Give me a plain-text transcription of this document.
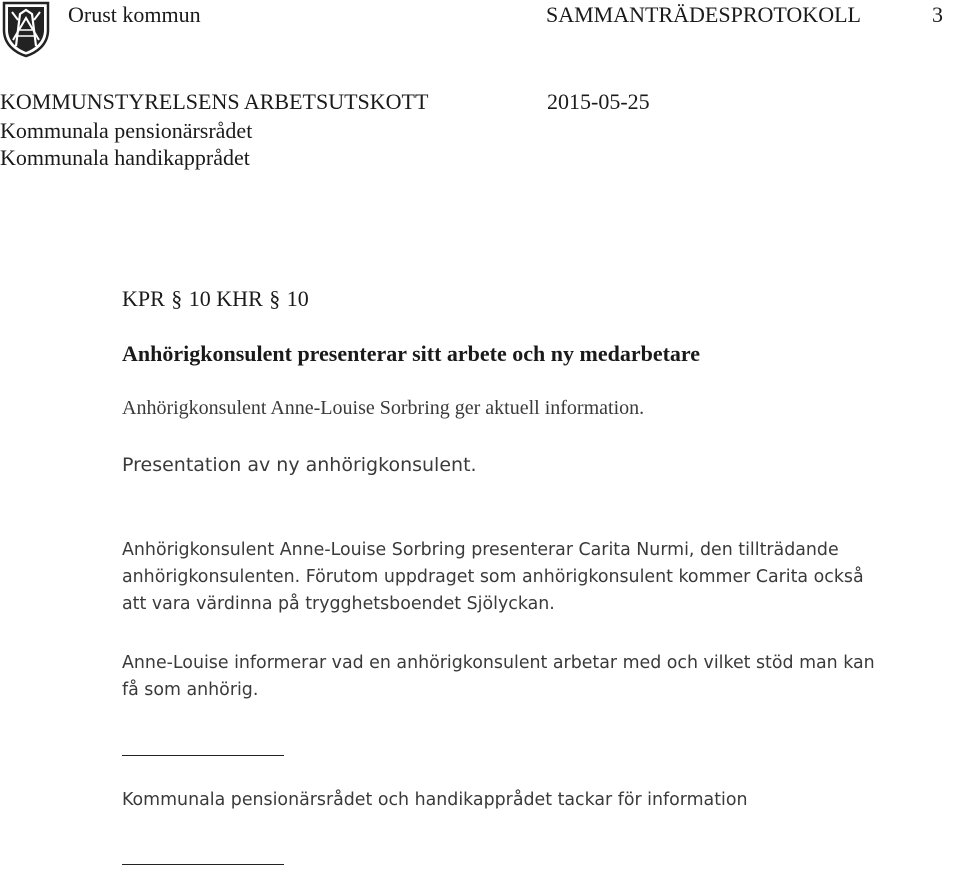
Orust kommun	SAMMANTRÄDESPROTOKOLL	3
KOMMUNSTYRELSENS ARBETSUTSKOTT	2015-05-25
Kommunala pensionärsrådet
Kommunala handikapprådet
KPR § 10 KHR § 10
Anhörigkonsulent presenterar sitt arbete och ny medarbetare
Anhörigkonsulent Anne-Louise Sorbring ger aktuell information.
Presentation av ny anhörigkonsulent.
Anhörigkonsulent Anne-Louise Sorbring presenterar Carita Nurmi, den tillträdande
anhörigkonsulenten. Förutom uppdraget som anhörigkonsulent kommer Carita också
att vara värdinna på trygghetsboendet Sjölyckan.
Anne-Louise informerar vad en anhörigkonsulent arbetar med och vilket stöd man kan
få som anhörig.
Kommunala pensionärsrådet och handikapprådet tackar för information
